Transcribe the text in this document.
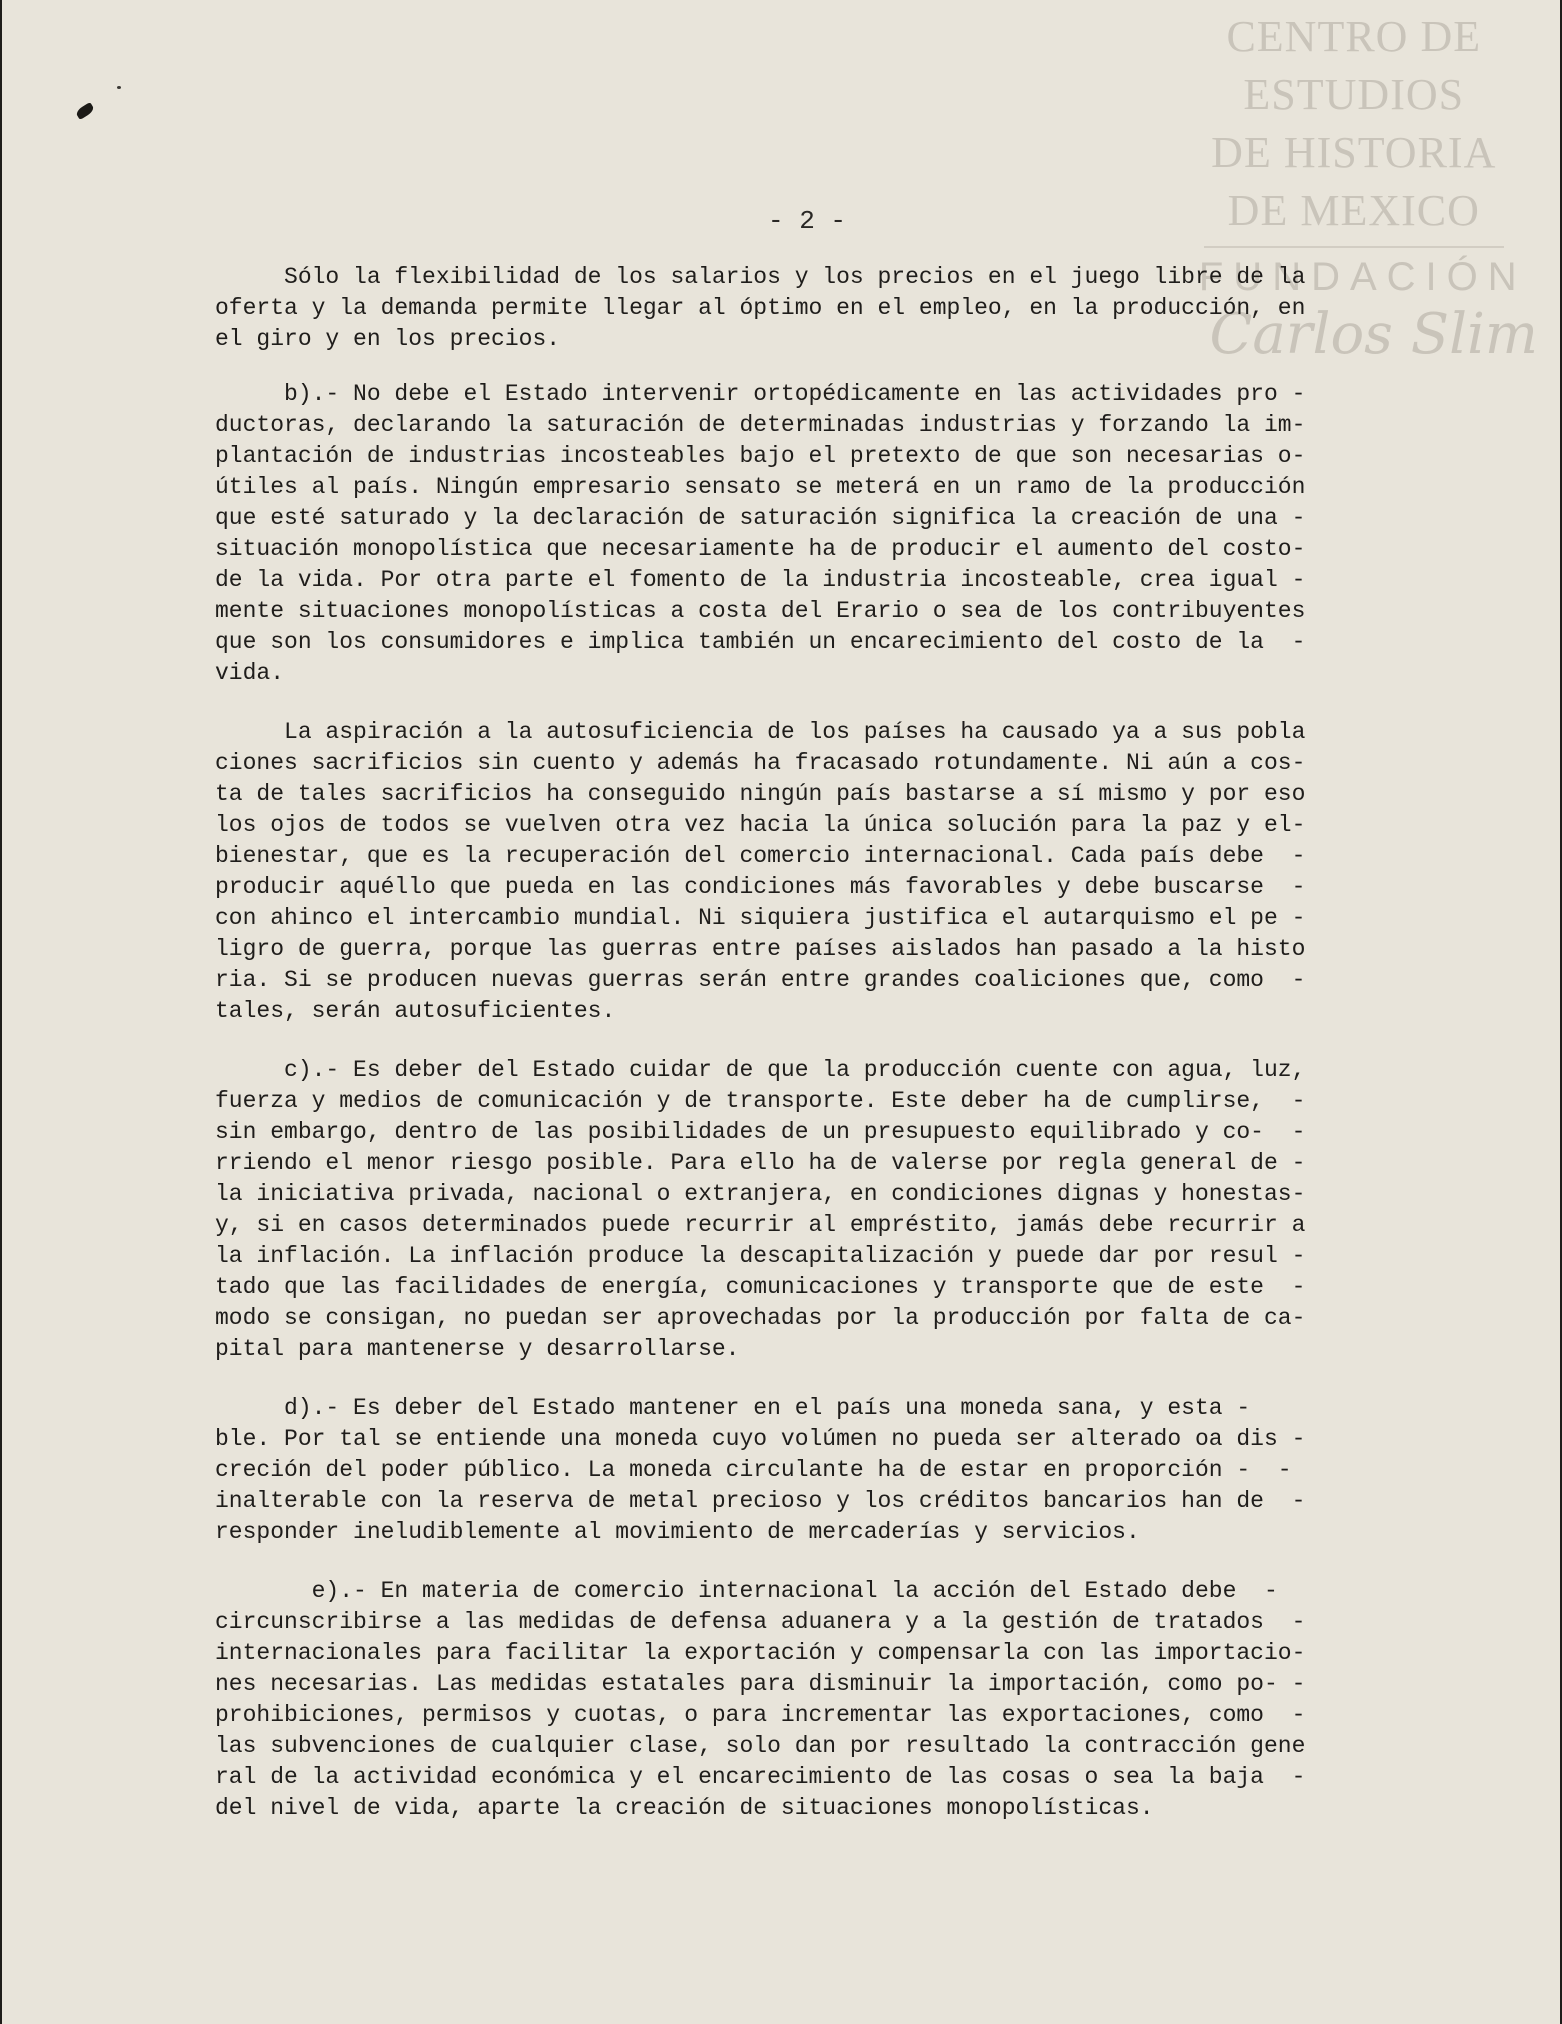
CENTRO DE
ESTUDIOS
DE HISTORIA
DE MEXICO
FUNDACIÓN
Carlos Slim
- 2 -
Sólo la flexibilidad de los salarios y los precios en el juego libre de la
oferta y la demanda permite llegar al óptimo en el empleo, en la producción, en
el giro y en los precios.
b).- No debe el Estado intervenir ortopédicamente en las actividades pro -
ductoras, declarando la saturación de determinadas industrias y forzando la im-
plantación de industrias incosteables bajo el pretexto de que son necesarias o-
útiles al país. Ningún empresario sensato se meterá en un ramo de la producción
que esté saturado y la declaración de saturación significa la creación de una -
situación monopolística que necesariamente ha de producir el aumento del costo-
de la vida. Por otra parte el fomento de la industria incosteable, crea igual -
mente situaciones monopolísticas a costa del Erario o sea de los contribuyentes
que son los consumidores e implica también un encarecimiento del costo de la  -
vida.
La aspiración a la autosuficiencia de los países ha causado ya a sus pobla
ciones sacrificios sin cuento y además ha fracasado rotundamente. Ni aún a cos-
ta de tales sacrificios ha conseguido ningún país bastarse a sí mismo y por eso
los ojos de todos se vuelven otra vez hacia la única solución para la paz y el-
bienestar, que es la recuperación del comercio internacional. Cada país debe  -
producir aquéllo que pueda en las condiciones más favorables y debe buscarse  -
con ahinco el intercambio mundial. Ni siquiera justifica el autarquismo el pe -
ligro de guerra, porque las guerras entre países aislados han pasado a la histo
ria. Si se producen nuevas guerras serán entre grandes coaliciones que, como  -
tales, serán autosuficientes.
c).- Es deber del Estado cuidar de que la producción cuente con agua, luz,
fuerza y medios de comunicación y de transporte. Este deber ha de cumplirse,  -
sin embargo, dentro de las posibilidades de un presupuesto equilibrado y co-  -
rriendo el menor riesgo posible. Para ello ha de valerse por regla general de -
la iniciativa privada, nacional o extranjera, en condiciones dignas y honestas-
y, si en casos determinados puede recurrir al empréstito, jamás debe recurrir a
la inflación. La inflación produce la descapitalización y puede dar por resul -
tado que las facilidades de energía, comunicaciones y transporte que de este  -
modo se consigan, no puedan ser aprovechadas por la producción por falta de ca-
pital para mantenerse y desarrollarse.
d).- Es deber del Estado mantener en el país una moneda sana, y esta -
ble. Por tal se entiende una moneda cuyo volúmen no pueda ser alterado oa dis -
creción del poder público. La moneda circulante ha de estar en proporción -  -
inalterable con la reserva de metal precioso y los créditos bancarios han de  -
responder ineludiblemente al movimiento de mercaderías y servicios.
e).- En materia de comercio internacional la acción del Estado debe  -
circunscribirse a las medidas de defensa aduanera y a la gestión de tratados  -
internacionales para facilitar la exportación y compensarla con las importacio-
nes necesarias. Las medidas estatales para disminuir la importación, como po- -
prohibiciones, permisos y cuotas, o para incrementar las exportaciones, como  -
las subvenciones de cualquier clase, solo dan por resultado la contracción gene
ral de la actividad económica y el encarecimiento de las cosas o sea la baja  -
del nivel de vida, aparte la creación de situaciones monopolísticas.
